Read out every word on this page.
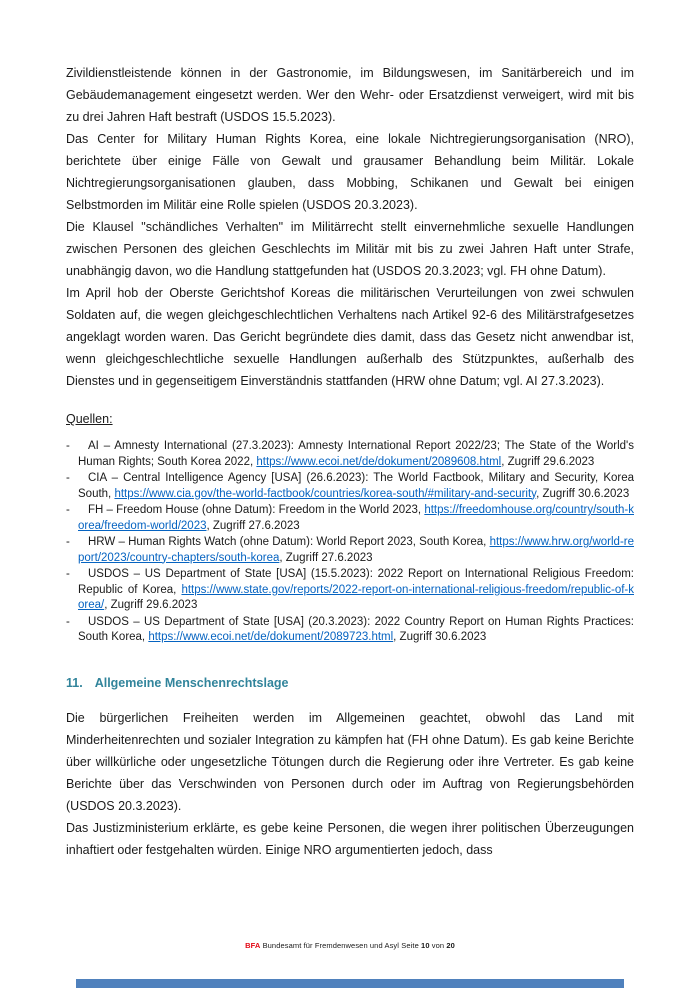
Zivildienstleistende können in der Gastronomie, im Bildungswesen, im Sanitärbereich und im Gebäudemanagement eingesetzt werden. Wer den Wehr- oder Ersatzdienst verweigert, wird mit bis zu drei Jahren Haft bestraft (USDOS 15.5.2023).

Das Center for Military Human Rights Korea, eine lokale Nichtregierungsorganisation (NRO), berichtete über einige Fälle von Gewalt und grausamer Behandlung beim Militär. Lokale Nichtregierungsorganisationen glauben, dass Mobbing, Schikanen und Gewalt bei einigen Selbstmorden im Militär eine Rolle spielen (USDOS 20.3.2023).

Die Klausel "schändliches Verhalten" im Militärrecht stellt einvernehmliche sexuelle Handlungen zwischen Personen des gleichen Geschlechts im Militär mit bis zu zwei Jahren Haft unter Strafe, unabhängig davon, wo die Handlung stattgefunden hat (USDOS 20.3.2023; vgl. FH ohne Datum).

Im April hob der Oberste Gerichtshof Koreas die militärischen Verurteilungen von zwei schwulen Soldaten auf, die wegen gleichgeschlechtlichen Verhaltens nach Artikel 92-6 des Militärstrafgesetzes angeklagt worden waren. Das Gericht begründete dies damit, dass das Gesetz nicht anwendbar ist, wenn gleichgeschlechtliche sexuelle Handlungen außerhalb des Stützpunktes, außerhalb des Dienstes und in gegenseitigem Einverständnis stattfanden (HRW ohne Datum; vgl. AI 27.3.2023).

Quellen:

- AI – Amnesty International (27.3.2023): Amnesty International Report 2022/23; The State of the World's Human Rights; South Korea 2022, https://www.ecoi.net/de/dokument/2089608.html, Zugriff 29.6.2023
- CIA – Central Intelligence Agency [USA] (26.6.2023): The World Factbook, Military and Security, Korea South, https://www.cia.gov/the-world-factbook/countries/korea-south/#military-and-security, Zugriff 30.6.2023
- FH – Freedom House (ohne Datum): Freedom in the World 2023, https://freedomhouse.org/country/south-korea/freedom-world/2023, Zugriff 27.6.2023
- HRW – Human Rights Watch (ohne Datum): World Report 2023, South Korea, https://www.hrw.org/world-report/2023/country-chapters/south-korea, Zugriff 27.6.2023
- USDOS – US Department of State [USA] (15.5.2023): 2022 Report on International Religious Freedom: Republic of Korea, https://www.state.gov/reports/2022-report-on-international-religious-freedom/republic-of-korea/, Zugriff 29.6.2023
- USDOS – US Department of State [USA] (20.3.2023): 2022 Country Report on Human Rights Practices: South Korea, https://www.ecoi.net/de/dokument/2089723.html, Zugriff 30.6.2023
11. Allgemeine Menschenrechtslage

Die bürgerlichen Freiheiten werden im Allgemeinen geachtet, obwohl das Land mit Minderheitenrechten und sozialer Integration zu kämpfen hat (FH ohne Datum). Es gab keine Berichte über willkürliche oder ungesetzliche Tötungen durch die Regierung oder ihre Vertreter. Es gab keine Berichte über das Verschwinden von Personen durch oder im Auftrag von Regierungsbehörden (USDOS 20.3.2023).

Das Justizministerium erklärte, es gebe keine Personen, die wegen ihrer politischen Überzeugungen inhaftiert oder festgehalten würden. Einige NRO argumentierten jedoch, dass

BFA Bundesamt für Fremdenwesen und Asyl Seite 10 von 20
